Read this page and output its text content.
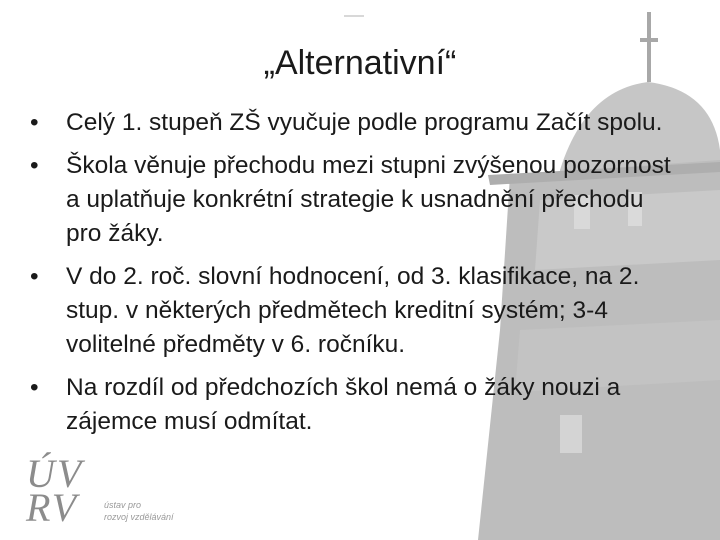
„Alternativní“
•	Celý 1. stupeň ZŠ vyučuje podle programu Začít spolu.
•	Škola věnuje přechodu mezi stupni zvýšenou pozornost a uplatňuje konkrétní strategie k usnadnění přechodu pro žáky.
•	V do 2. roč. slovní hodnocení, od 3. klasifikace, na 2. stup. v některých předmětech kreditní systém; 3-4 volitelné předměty v 6. ročníku.
•	Na rozdíl od předchozích škol nemá o žáky nouzi a zájemce musí odmítat.
ÚV
RV	ústav pro
rozvoj vzdělávání
